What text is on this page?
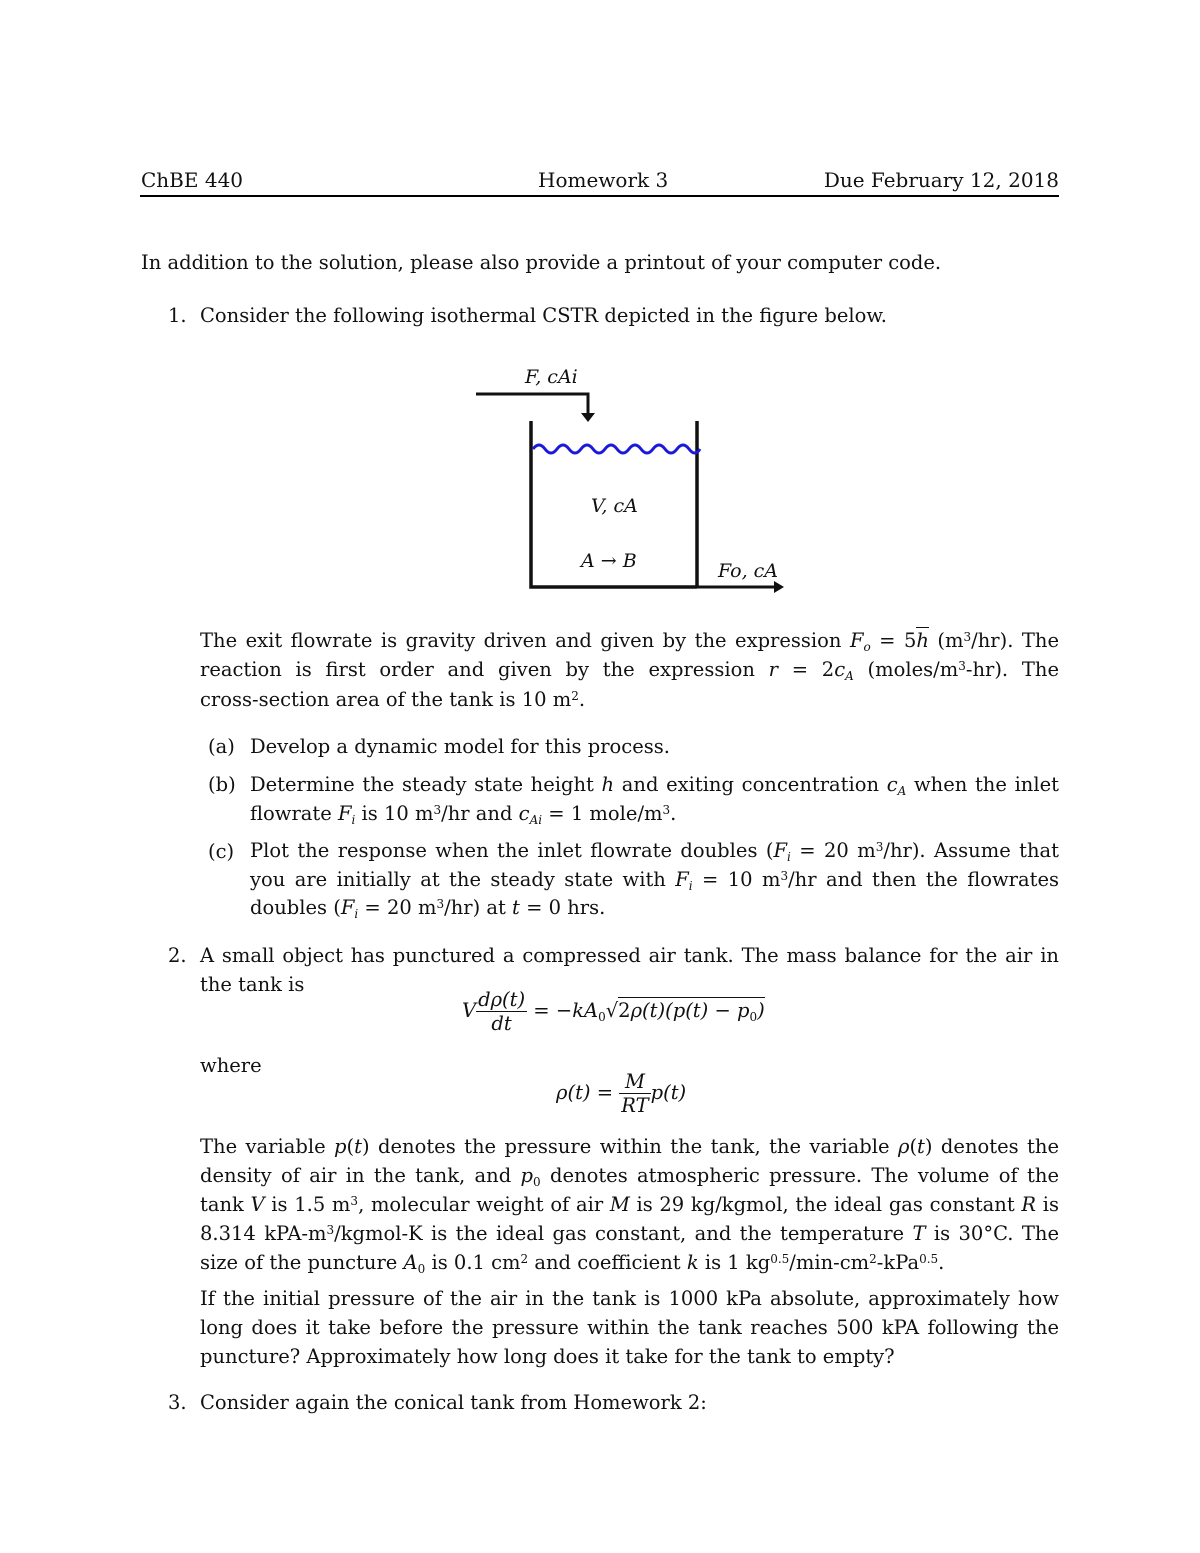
ChBE 440	Homework 3	Due February 12, 2018
In addition to the solution, please also provide a printout of your computer code.
1. Consider the following isothermal CSTR depicted in the figure below.
F, cAi
Fo, cA
V, cA
A → B
The exit flowrate is gravity driven and given by the expression $F_o = 5h$ $(m^3/hr)$. The reaction is first order and given by the expression $r = 2c_A$ $(moles/m^3-hr)$. The
cross-section area of the tank is 10 $m^2$.
(a) Develop a dynamic model for this process.
(b) Determine the steady state height h and exiting concentration $c_A$ when the inlet
flowrate $F_i$ is 10 $m^3/hr$ and $c_{Ai} = 1$ mole/$m^3$.
(c) Plot the response when the inlet flowrate doubles ($F_i = 20$ $m^3/hr$). Assume that you are initially at the steady state with $F_i = 10$ $m^3/hr$ and then the flowrates
doubles ($F_i = 20$ $m^3/hr$) at t = 0 hrs.
2. A small object has punctured a compressed air tank. The mass balance for the air in
the tank is
V $\frac{d\rho(t)}{dt} = -kA_0√2\rho(t)(p(t) - p_0)$
where
$\rho(t) = \frac{M}{RT} p(t)$
The variable p(t) denotes the pressure within the tank, the variable ρ(t) denotes the density of air in the tank, and $p_0$ denotes atmospheric pressure. The volume of the tank V is 1.5 $m^3$, molecular weight of air M is 29 kg/kgmol, the ideal gas constant R is 8.314 kPA-$m^3/kgmol-K$ is the ideal gas constant, and the temperature T is 30°C. The size of the puncture $A_0$ is 0.1 $cm^2$ and coefficient k is 1 $kg^{0.5}/\min-cm^2-kPa^{0.5}$.
If the initial pressure of the air in the tank is 1000 kPa absolute, approximately how long does it take before the pressure within the tank reaches 500 kPA following the puncture? Approximately how long does it take for the tank to empty?
3. Consider again the conical tank from Homework 2:
